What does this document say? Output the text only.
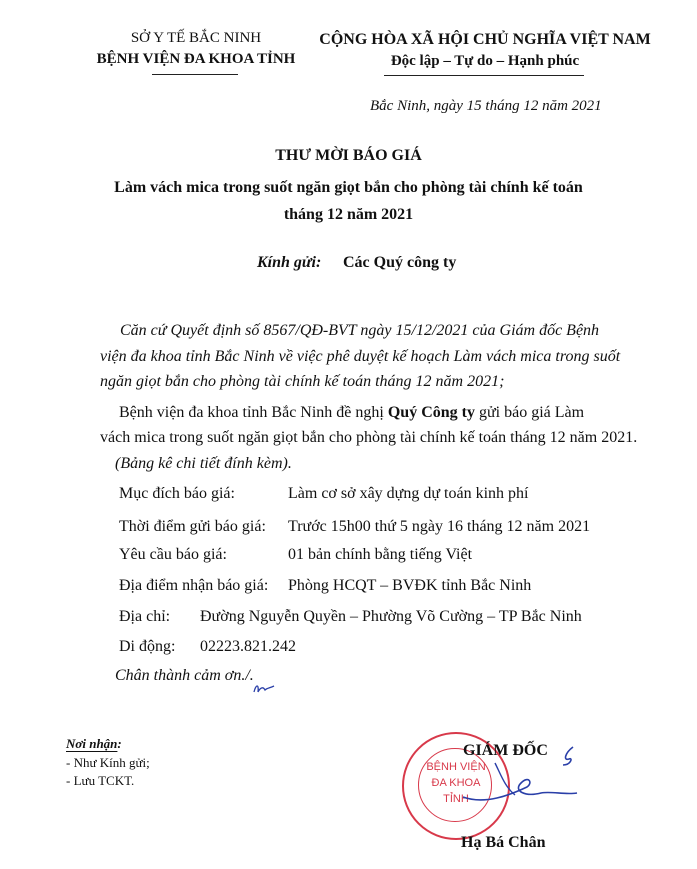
SỞ Y TẾ BẮC NINH
BỆNH VIỆN ĐA KHOA TỈNH
CỘNG HÒA XÃ HỘI CHỦ NGHĨA VIỆT NAM
Độc lập – Tự do – Hạnh phúc
Bắc Ninh, ngày 15 tháng 12 năm 2021
THƯ MỜI BÁO GIÁ
Làm vách mica trong suốt ngăn giọt bắn cho phòng tài chính kế toán
tháng 12 năm 2021
Kính gửi: Các Quý công ty
Căn cứ Quyết định số 8567/QĐ-BVT ngày 15/12/2021 của Giám đốc Bệnh
viện đa khoa tỉnh Bắc Ninh về việc phê duyệt kế hoạch Làm vách mica trong suốt
ngăn giọt bắn cho phòng tài chính kế toán tháng 12 năm 2021;
Bệnh viện đa khoa tỉnh Bắc Ninh đề nghị Quý Công ty gửi báo giá Làm
vách mica trong suốt ngăn giọt bắn cho phòng tài chính kế toán tháng 12 năm 2021.
(Bảng kê chi tiết đính kèm).
Mục đích báo giá:	Làm cơ sở xây dựng dự toán kinh phí
Thời điểm gửi báo giá: Trước 15h00 thứ 5 ngày 16 tháng 12 năm 2021
Yêu cầu báo giá:	01 bản chính bằng tiếng Việt
Địa điểm nhận báo giá: Phòng HCQT – BVĐK tỉnh Bắc Ninh
Địa chỉ: Đường Nguyễn Quyền – Phường Võ Cường – TP Bắc Ninh
Di động: 02223.821.242
Chân thành cảm ơn./.
Nơi nhận:
- Như Kính gửi;
- Lưu TCKT.
BỆNH VIỆN
ĐA KHOA
TỈNH
GIÁM ĐỐC
Hạ Bá Chân
